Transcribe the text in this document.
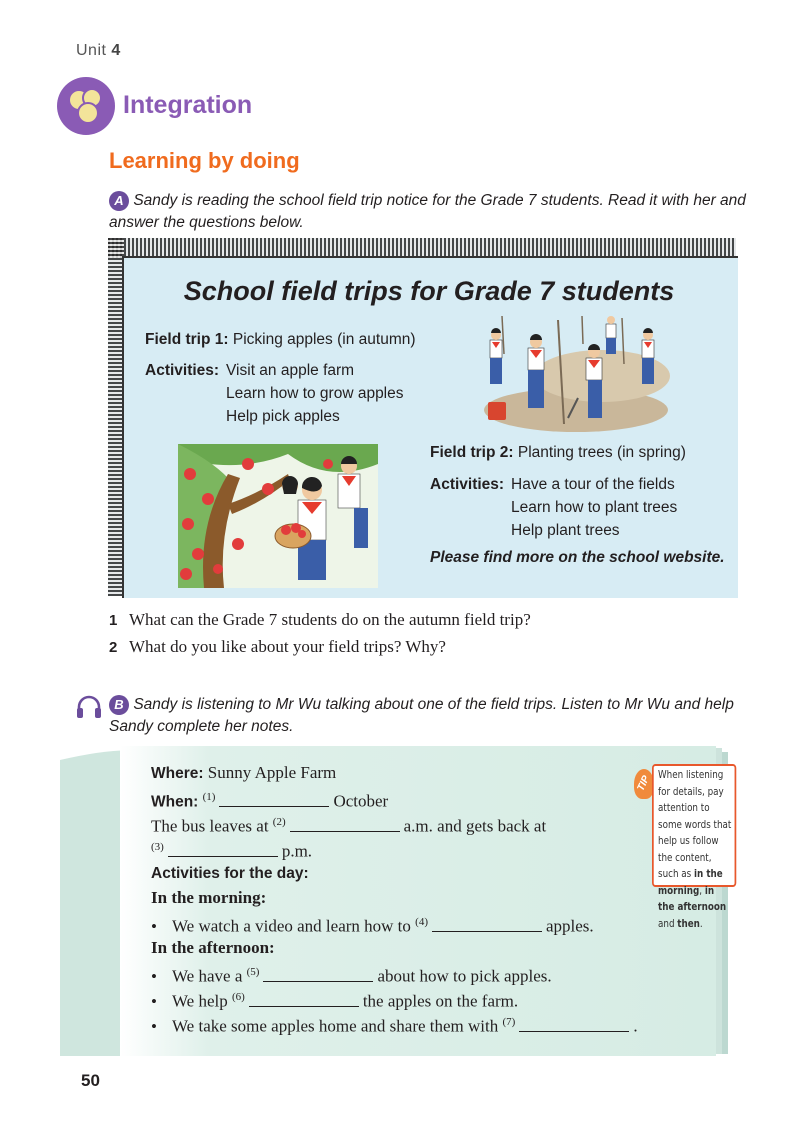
Unit 4
Integration
Learning by doing
A Sandy is reading the school field trip notice for the Grade 7 students. Read it with her and answer the questions below.
School field trips for Grade 7 students
Field trip 1: Picking apples (in autumn)
Activities: Visit an apple farm
Learn how to grow apples
Help pick apples
Field trip 2: Planting trees (in spring)
Activities: Have a tour of the fields
Learn how to plant trees
Help plant trees
Please find more on the school website.
1 What can the Grade 7 students do on the autumn field trip?
2 What do you like about your field trips? Why?
B Sandy is listening to Mr Wu talking about one of the field trips. Listen to Mr Wu and help Sandy complete her notes.
Where: Sunny Apple Farm
When: $^{(1)}$	October
The bus leaves at $^{(2)}$	a.m. and gets back at
$^{(3)}$	p.m.
Activities for the day:
In the morning:
• We watch a video and learn how to $^{(4)}$	apples.
In the afternoon:
• We have a $^{(5)}$	about how to pick apples.
• We help $^{(6)}$	the apples on the farm.
• We take some apples home and share them with $^{(7)}$	.
TIP When listening for details, pay attention to some words that help us follow the content, such as in the morning, in the afternoon and then.
50
